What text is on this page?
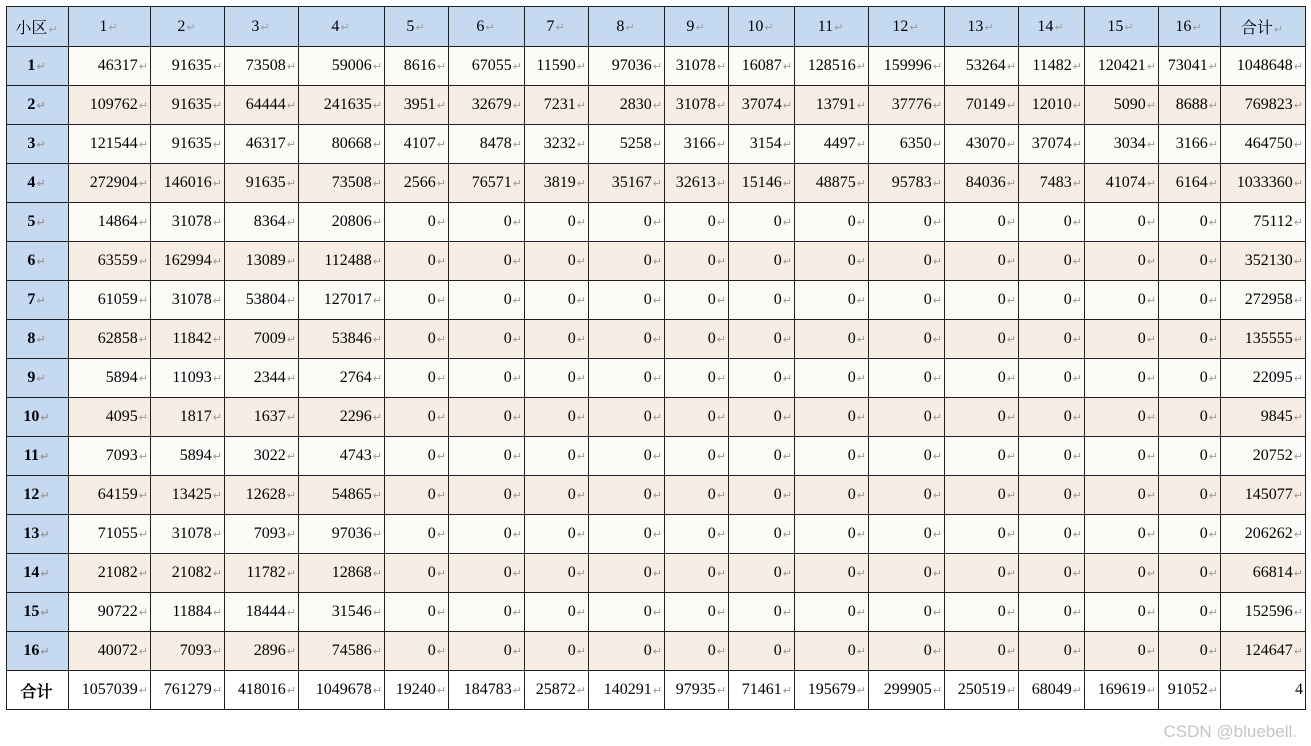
小区↵	1↵	2↵	3↵	4↵	5↵	6↵	7↵	8↵	9↵	10↵	11↵	12↵	13↵	14↵	15↵	16↵	合计↵
1↵	46317↵	91635↵	73508↵	59006↵	8616↵	67055↵	11590↵	97036↵	31078↵	16087↵	128516↵	159996↵	53264↵	11482↵	120421↵	73041↵	1048648↵
2↵	109762↵	91635↵	64444↵	241635↵	3951↵	32679↵	7231↵	2830↵	31078↵	37074↵	13791↵	37776↵	70149↵	12010↵	5090↵	8688↵	769823↵
3↵	121544↵	91635↵	46317↵	80668↵	4107↵	8478↵	3232↵	5258↵	3166↵	3154↵	4497↵	6350↵	43070↵	37074↵	3034↵	3166↵	464750↵
4↵	272904↵	146016↵	91635↵	73508↵	2566↵	76571↵	3819↵	35167↵	32613↵	15146↵	48875↵	95783↵	84036↵	7483↵	41074↵	6164↵	1033360↵
5↵	14864↵	31078↵	8364↵	20806↵	0↵	0↵	0↵	0↵	0↵	0↵	0↵	0↵	0↵	0↵	0↵	0↵	75112↵
6↵	63559↵	162994↵	13089↵	112488↵	0↵	0↵	0↵	0↵	0↵	0↵	0↵	0↵	0↵	0↵	0↵	0↵	352130↵
7↵	61059↵	31078↵	53804↵	127017↵	0↵	0↵	0↵	0↵	0↵	0↵	0↵	0↵	0↵	0↵	0↵	0↵	272958↵
8↵	62858↵	11842↵	7009↵	53846↵	0↵	0↵	0↵	0↵	0↵	0↵	0↵	0↵	0↵	0↵	0↵	0↵	135555↵
9↵	5894↵	11093↵	2344↵	2764↵	0↵	0↵	0↵	0↵	0↵	0↵	0↵	0↵	0↵	0↵	0↵	0↵	22095↵
10↵	4095↵	1817↵	1637↵	2296↵	0↵	0↵	0↵	0↵	0↵	0↵	0↵	0↵	0↵	0↵	0↵	0↵	9845↵
11↵	7093↵	5894↵	3022↵	4743↵	0↵	0↵	0↵	0↵	0↵	0↵	0↵	0↵	0↵	0↵	0↵	0↵	20752↵
12↵	64159↵	13425↵	12628↵	54865↵	0↵	0↵	0↵	0↵	0↵	0↵	0↵	0↵	0↵	0↵	0↵	0↵	145077↵
13↵	71055↵	31078↵	7093↵	97036↵	0↵	0↵	0↵	0↵	0↵	0↵	0↵	0↵	0↵	0↵	0↵	0↵	206262↵
14↵	21082↵	21082↵	11782↵	12868↵	0↵	0↵	0↵	0↵	0↵	0↵	0↵	0↵	0↵	0↵	0↵	0↵	66814↵
15↵	90722↵	11884↵	18444↵	31546↵	0↵	0↵	0↵	0↵	0↵	0↵	0↵	0↵	0↵	0↵	0↵	0↵	152596↵
16↵	40072↵	7093↵	2896↵	74586↵	0↵	0↵	0↵	0↵	0↵	0↵	0↵	0↵	0↵	0↵	0↵	0↵	124647↵
合计	1057039↵	761279↵	418016↵	1049678↵	19240↵	184783↵	25872↵	140291↵	97935↵	71461↵	195679↵	299905↵	250519↵	68049↵	169619↵	91052↵	4
CSDN @bluebell.
